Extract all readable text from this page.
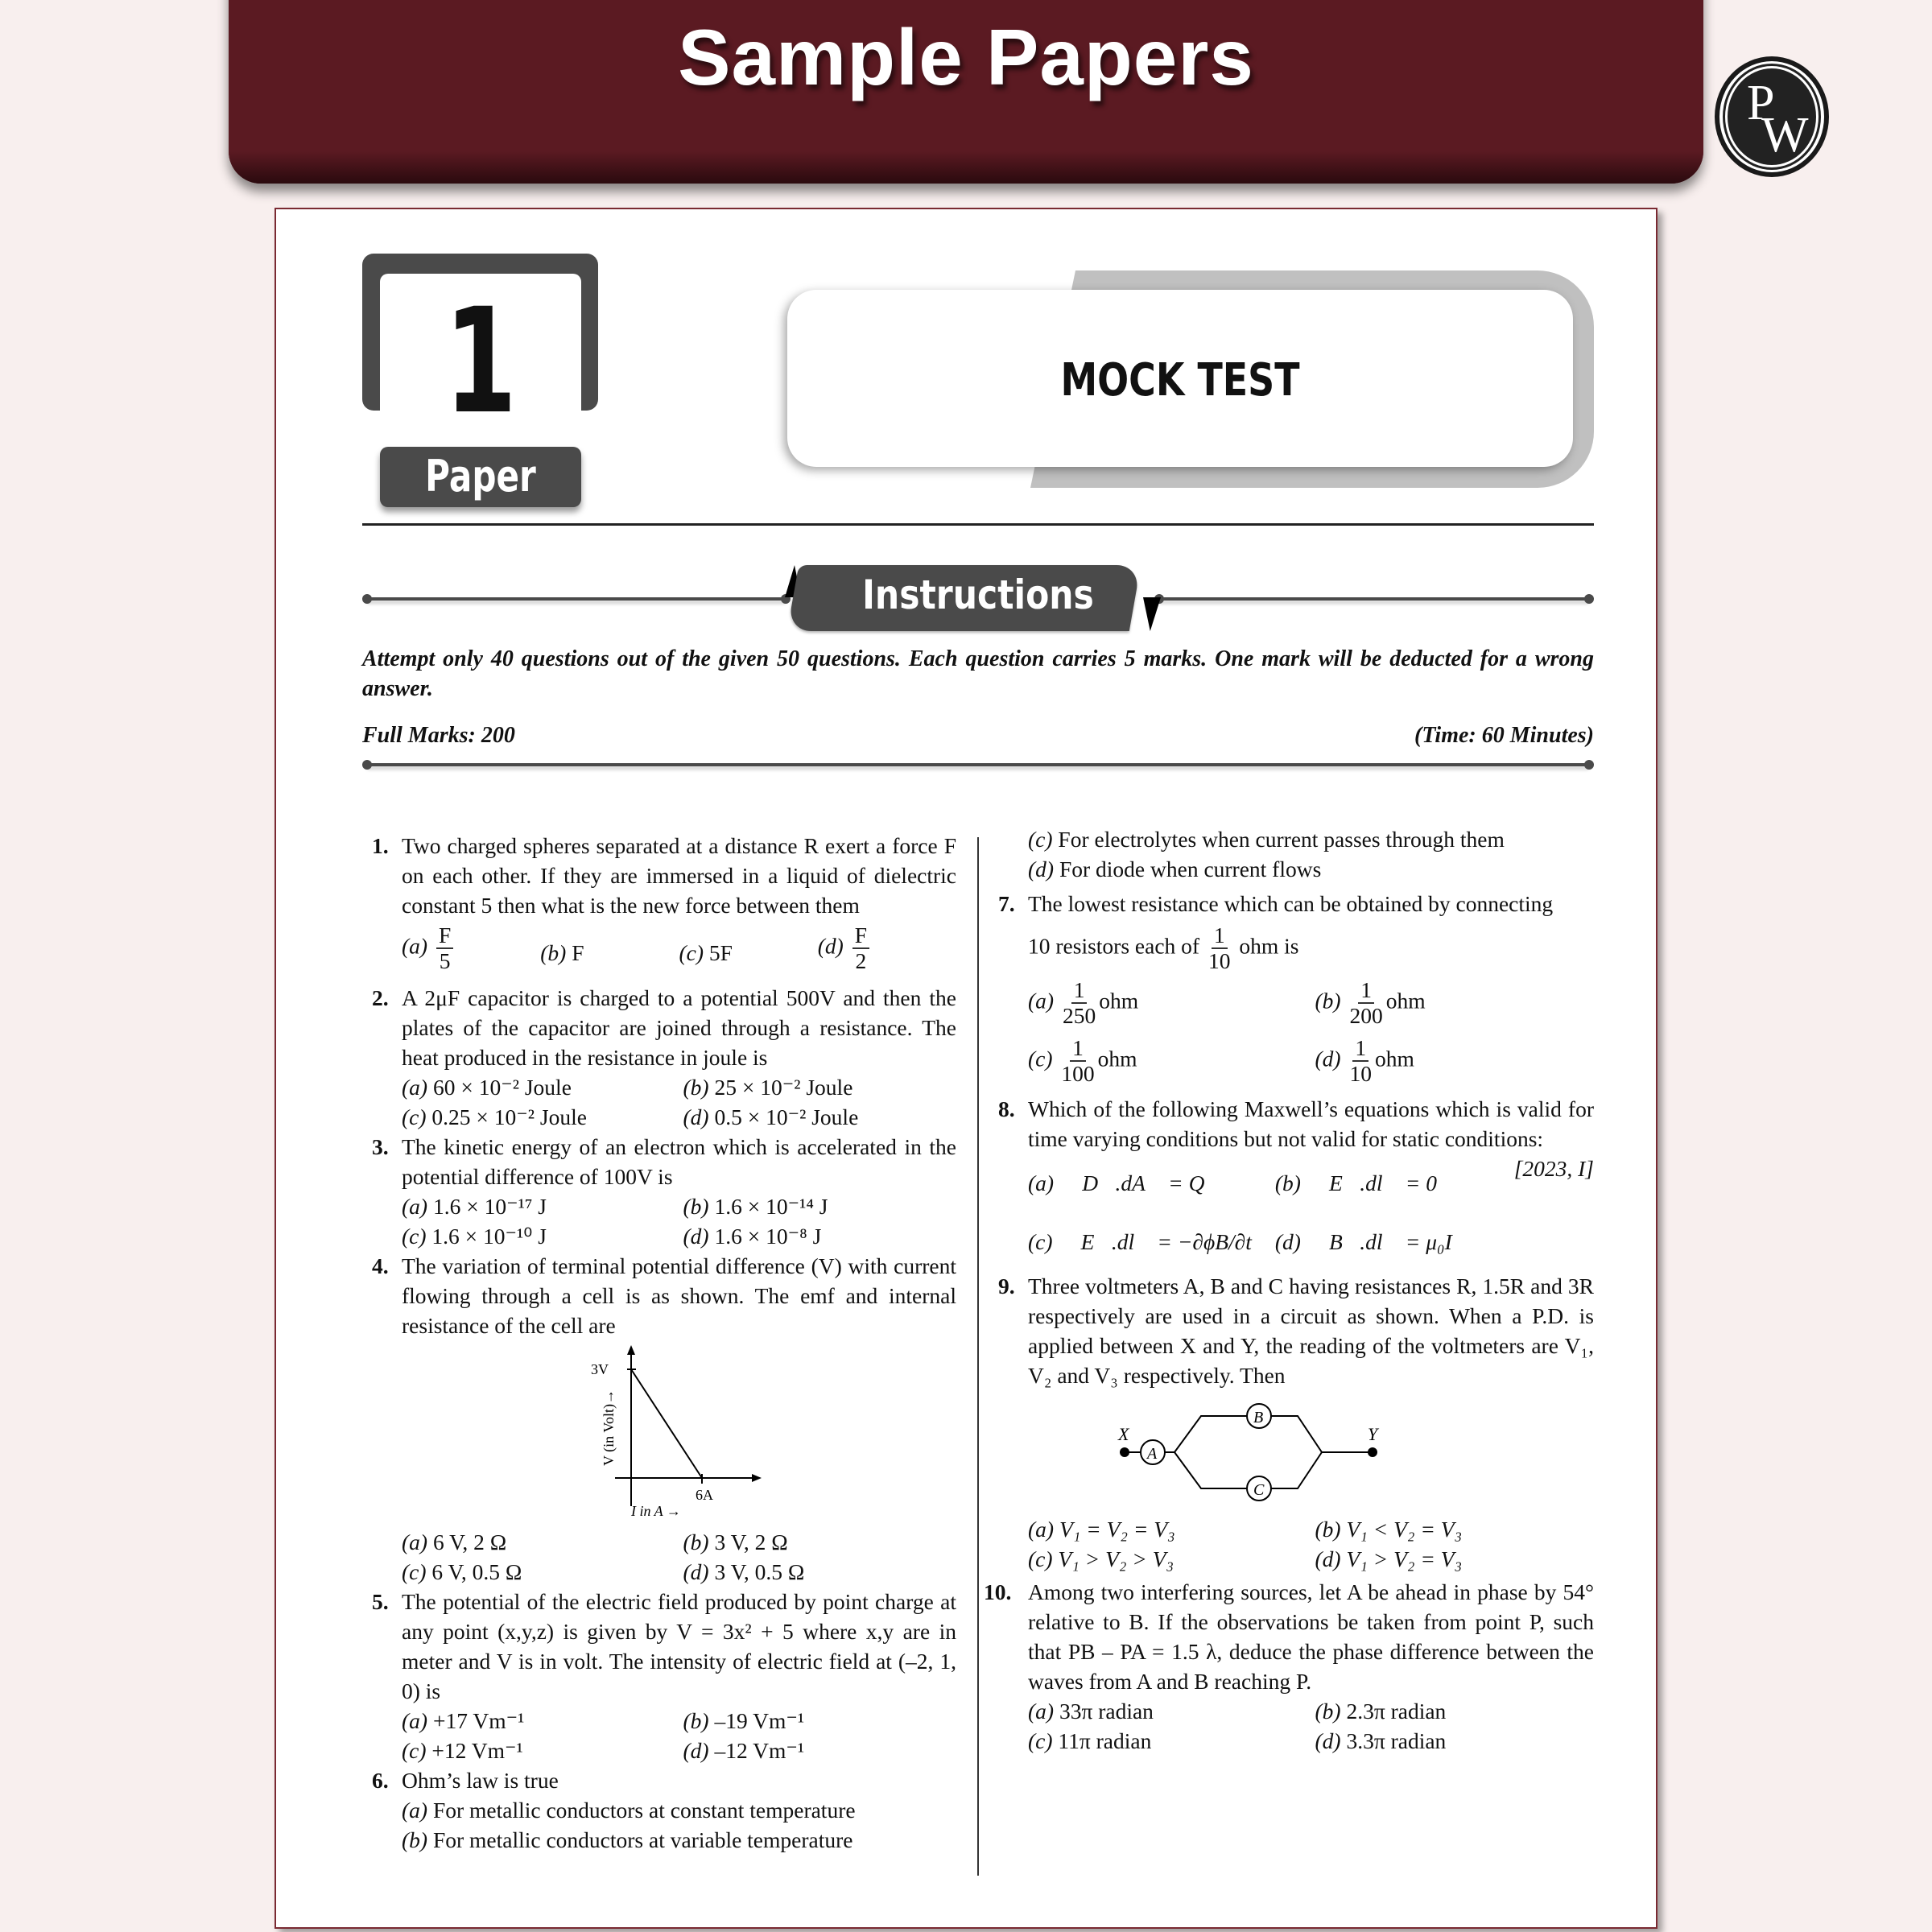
Sample Papers
P
W
1
Paper
MOCK TEST
Instructions
Attempt only 40 questions out of the given 50 questions. Each question carries 5 marks. One mark will be deducted for a wrong answer.
Full Marks: 200	(Time: 60 Minutes)
1. Two charged spheres separated at a distance R exert a force F on each other. If they are immersed in a liquid of dielectric constant 5 then what is the new force between them
$(a) \frac{F}{5}$	(b) F	(c) 5F	$(d) \frac{F}{2}$
2. A 2μF capacitor is charged to a potential 500V and then the plates of the capacitor are joined through a resistance. The heat produced in the resistance in joule is
(a) 60 × 10⁻² Joule	(b) 25 × 10⁻² Joule
(c) 0.25 × 10⁻² Joule	(d) 0.5 × 10⁻² Joule
3. The kinetic energy of an electron which is accelerated in the potential difference of 100V is
(a) 1.6 × 10⁻¹⁷ J	(b) 1.6 × 10⁻¹⁴ J
(c) 1.6 × 10⁻¹⁰ J	(d) 1.6 × 10⁻⁸ J
4. The variation of terminal potential difference (V) with current flowing through a cell is as shown. The emf and internal resistance of the cell are
3V
6A
I in A →
V (in Volt)→
(a) 6 V, 2 Ω	(b) 3 V, 2 Ω
(c) 6 V, 0.5 Ω	(d) 3 V, 0.5 Ω
5. The potential of the electric field produced by point charge at any point (x,y,z) is given by V = 3x² + 5 where x,y are in meter and V is in volt. The intensity of electric field at (–2, 1, 0) is
(a) +17 Vm⁻¹	(b) –19 Vm⁻¹
(c) +12 Vm⁻¹	(d) –12 Vm⁻¹
6. Ohm’s law is true
(a) For metallic conductors at constant temperature
(b) For metallic conductors at variable temperature
(c) For electrolytes when current passes through them
(d) For diode when current flows
7. The lowest resistance which can be obtained by connecting
10 resistors each of $\frac{1}{10}$ ohm is
$(a) \frac{1}{250}$ ohm	$(b) \frac{1}{200}$ ohm
$(c) \frac{1}{100}$ ohm	$(d) \frac{1}{10}$ ohm
8. Which of the following Maxwell’s equations which is valid for time varying conditions but not valid for static conditions:
[2023, I]
(a) ∮ D⃗.dA⃗ = Q	(b) ∮ E⃗.dl⃗ = 0
(c) ∮ E⃗.dl⃗ = −∂ϕB/∂t	(d) ∮ B⃗.dl⃗ = μ₀I
9. Three voltmeters A, B and C having resistances R, 1.5R and 3R respectively are used in a circuit as shown. When a P.D. is applied between X and Y, the reading of the voltmeters are V₁, V₂ and V₃ respectively. Then
X
A
B
C
Y
(a) V₁ = V₂ = V₃	(b) V₁ < V₂ = V₃
(c) V₁ > V₂ > V₃	(d) V₁ > V₂ = V₃
10. Among two interfering sources, let A be ahead in phase by 54° relative to B. If the observations be taken from point P, such that PB – PA = 1.5 λ, deduce the phase difference between the waves from A and B reaching P.
(a) 33π radian	(b) 2.3π radian
(c) 11π radian	(d) 3.3π radian
